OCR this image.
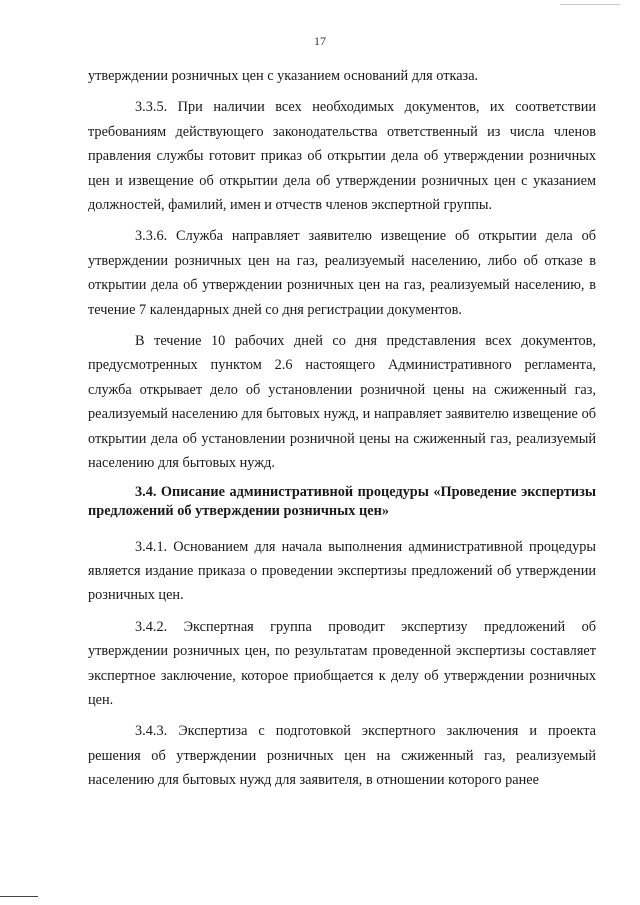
17

утверждении розничных цен с указанием оснований для отказа.

3.3.5. При наличии всех необходимых документов, их соответствии требованиям действующего законодательства ответственный из числа членов правления службы готовит приказ об открытии дела об утверждении розничных цен и извещение об открытии дела об утверждении розничных цен с указанием должностей, фамилий, имен и отчеств членов экспертной группы.

3.3.6. Служба направляет заявителю извещение об открытии дела об утверждении розничных цен на газ, реализуемый населению, либо об отказе в открытии дела об утверждении розничных цен на газ, реализуемый населению, в течение 7 календарных дней со дня регистрации документов.

В течение 10 рабочих дней со дня представления всех документов, предусмотренных пунктом 2.6 настоящего Административного регламента, служба открывает дело об установлении розничной цены на сжиженный газ, реализуемый населению для бытовых нужд, и направляет заявителю извещение об открытии дела об установлении розничной цены на сжиженный газ, реализуемый населению для бытовых нужд.

3.4. Описание административной процедуры «Проведение экспертизы предложений об утверждении розничных цен»

3.4.1. Основанием для начала выполнения административной процедуры является издание приказа о проведении экспертизы предложений об утверждении розничных цен.

3.4.2. Экспертная группа проводит экспертизу предложений об утверждении розничных цен, по результатам проведенной экспертизы составляет экспертное заключение, которое приобщается к делу об утверждении розничных цен.

3.4.3. Экспертиза с подготовкой экспертного заключения и проекта решения об утверждении розничных цен на сжиженный газ, реализуемый населению для бытовых нужд для заявителя, в отношении которого ранее
